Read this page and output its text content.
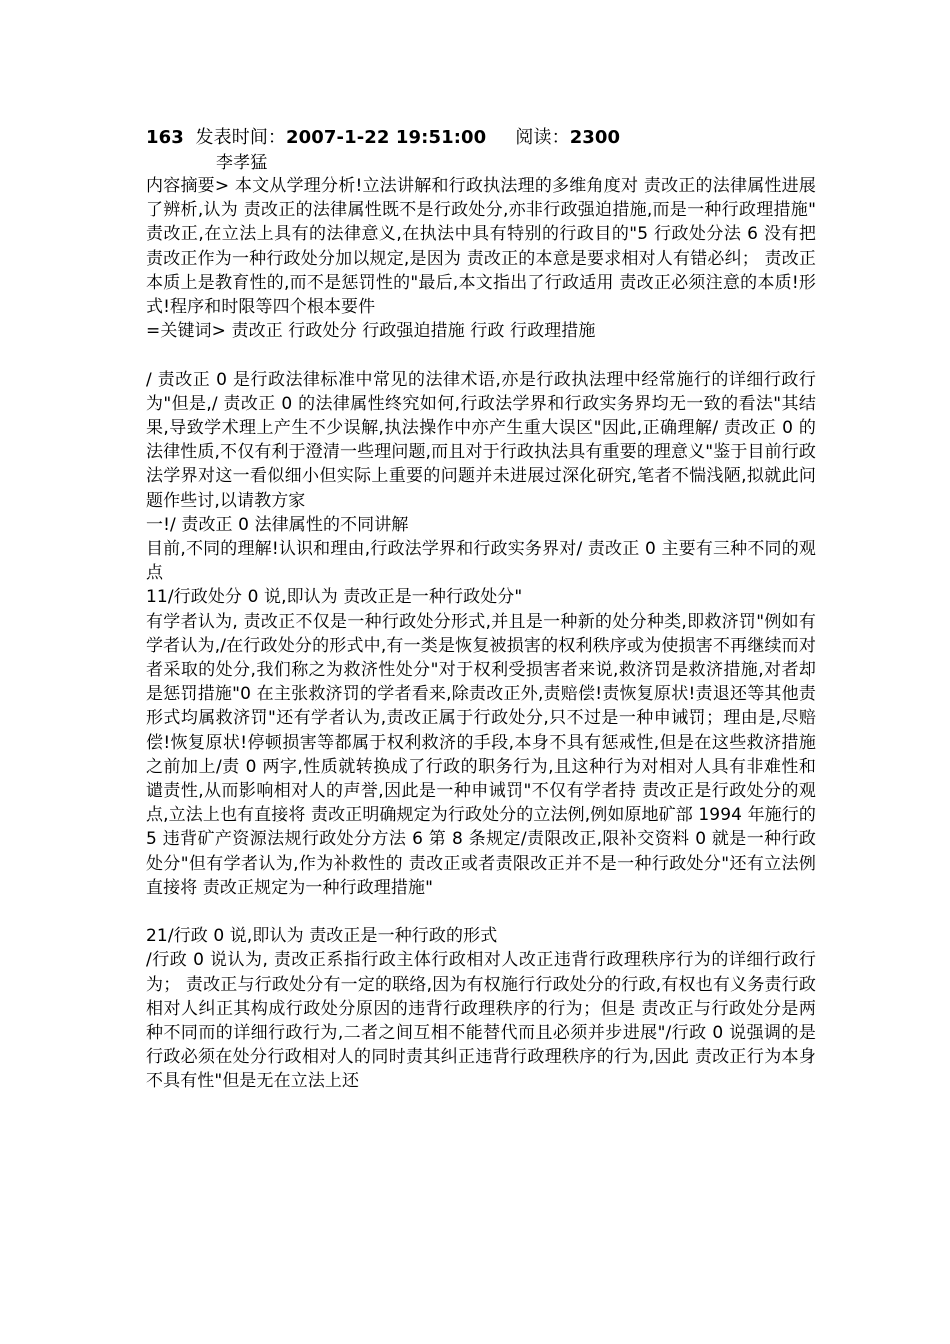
163 发表时间：2007-1-22 19:51:00 阅读：2300

李孝猛

内容摘要> 本文从学理分析!立法讲解和行政执法理的多维角度对 责改正的法律属性进展了辨析,认为 责改正的法律属性既不是行政处分,亦非行政强迫措施,而是一种行政理措施" 责改正,在立法上具有的法律意义,在执法中具有特别的行政目的"5 行政处分法 6 没有把 责改正作为一种行政处分加以规定,是因为 责改正的本意是要求相对人有错必纠； 责改正本质上是教育性的,而不是惩罚性的"最后,本文指出了行政适用 责改正必须注意的本质!形式!程序和时限等四个根本要件

=关键词> 责改正 行政处分 行政强迫措施 行政 行政理措施

/ 责改正 0 是行政法律标准中常见的法律术语,亦是行政执法理中经常施行的详细行政行为"但是,/ 责改正 0 的法律属性终究如何,行政法学界和行政实务界均无一致的看法"其结果,导致学术理上产生不少误解,执法操作中亦产生重大误区"因此,正确理解/ 责改正 0 的法律性质,不仅有利于澄清一些理问题,而且对于行政执法具有重要的理意义"鉴于目前行政法学界对这一看似细小但实际上重要的问题并未进展过深化研究,笔者不惴浅陋,拟就此问题作些讨,以请教方家

一!/ 责改正 0 法律属性的不同讲解

目前,不同的理解!认识和理由,行政法学界和行政实务界对/ 责改正 0 主要有三种不同的观点

11/行政处分 0 说,即认为 责改正是一种行政处分"

有学者认为, 责改正不仅是一种行政处分形式,并且是一种新的处分种类,即救济罚"例如有学者认为,/在行政处分的形式中,有一类是恢复被损害的权利秩序或为使损害不再继续而对者采取的处分,我们称之为救济性处分"对于权利受损害者来说,救济罚是救济措施,对者却是惩罚措施"0 在主张救济罚的学者看来,除责改正外,责赔偿!责恢复原状!责退还等其他责形式均属救济罚"还有学者认为,责改正属于行政处分,只不过是一种申诫罚；理由是,尽赔偿!恢复原状!停顿损害等都属于权利救济的手段,本身不具有惩戒性,但是在这些救济措施之前加上/责 0 两字,性质就转换成了行政的职务行为,且这种行为对相对人具有非难性和谴责性,从而影响相对人的声誉,因此是一种申诫罚"不仅有学者持 责改正是行政处分的观点,立法上也有直接将 责改正明确规定为行政处分的立法例,例如原地矿部 1994 年施行的 5 违背矿产资源法规行政处分方法 6 第 8 条规定/责限改正,限补交资料 0 就是一种行政处分"但有学者认为,作为补救性的 责改正或者责限改正并不是一种行政处分"还有立法例直接将 责改正规定为一种行政理措施"

21/行政 0 说,即认为 责改正是一种行政的形式

/行政 0 说认为, 责改正系指行政主体行政相对人改正违背行政理秩序行为的详细行政行为； 责改正与行政处分有一定的联络,因为有权施行行政处分的行政,有权也有义务责行政相对人纠正其构成行政处分原因的违背行政理秩序的行为；但是 责改正与行政处分是两种不同而的详细行政行为,二者之间互相不能替代而且必须并步进展"/行政 0 说强调的是行政必须在处分行政相对人的同时责其纠正违背行政理秩序的行为,因此 责改正行为本身不具有性"但是无在立法上还
